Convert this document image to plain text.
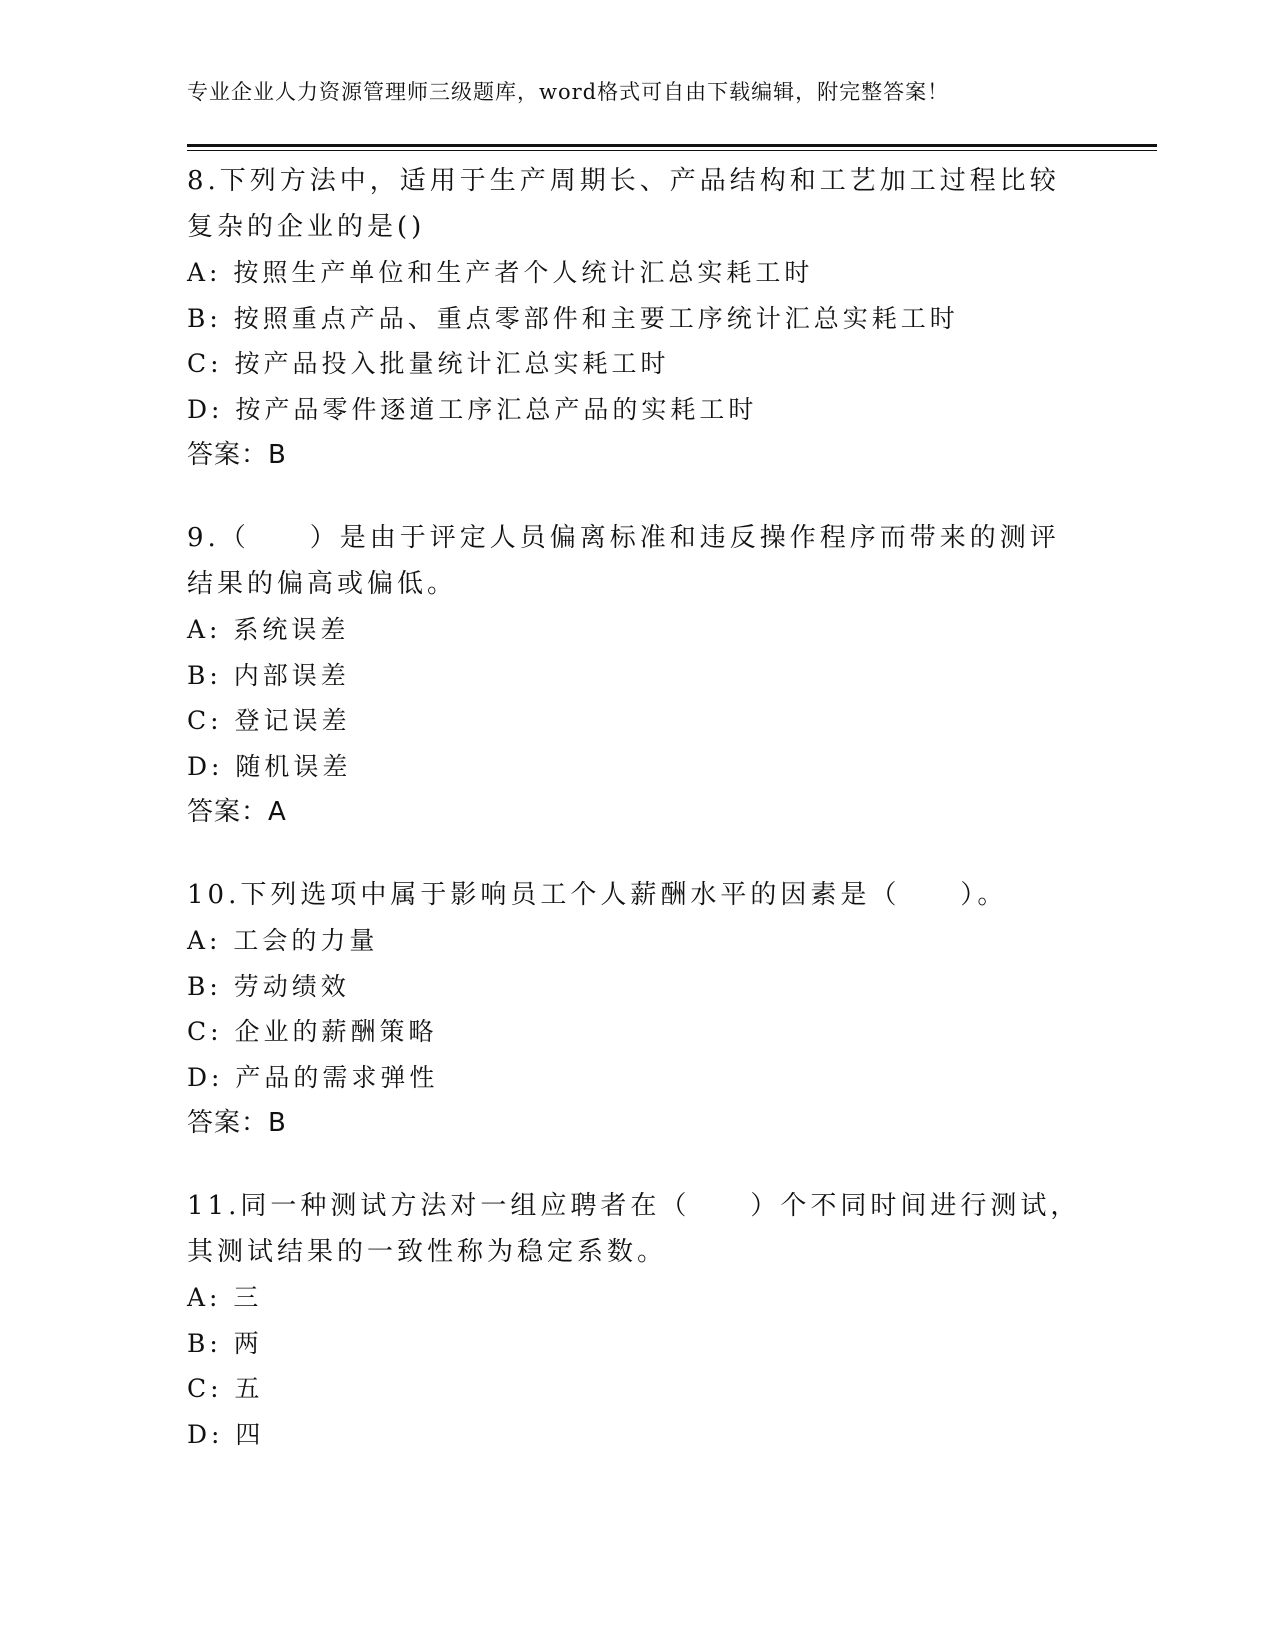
专业企业人力资源管理师三级题库，word格式可自由下载编辑，附完整答案！

8.下列方法中，适用于生产周期长、产品结构和工艺加工过程比较复杂的企业的是()

A: 按照生产单位和生产者个人统计汇总实耗工时
B: 按照重点产品、重点零部件和主要工序统计汇总实耗工时
C: 按产品投入批量统计汇总实耗工时
D: 按产品零件逐道工序汇总产品的实耗工时
答案：B

9.（　　）是由于评定人员偏离标准和违反操作程序而带来的测评结果的偏高或偏低。

A: 系统误差
B: 内部误差
C: 登记误差
D: 随机误差
答案：A

10.下列选项中属于影响员工个人薪酬水平的因素是（　　）。

A: 工会的力量
B: 劳动绩效
C: 企业的薪酬策略
D: 产品的需求弹性
答案：B

11.同一种测试方法对一组应聘者在（　　）个不同时间进行测试，其测试结果的一致性称为稳定系数。

A: 三
B: 两
C: 五
D: 四
